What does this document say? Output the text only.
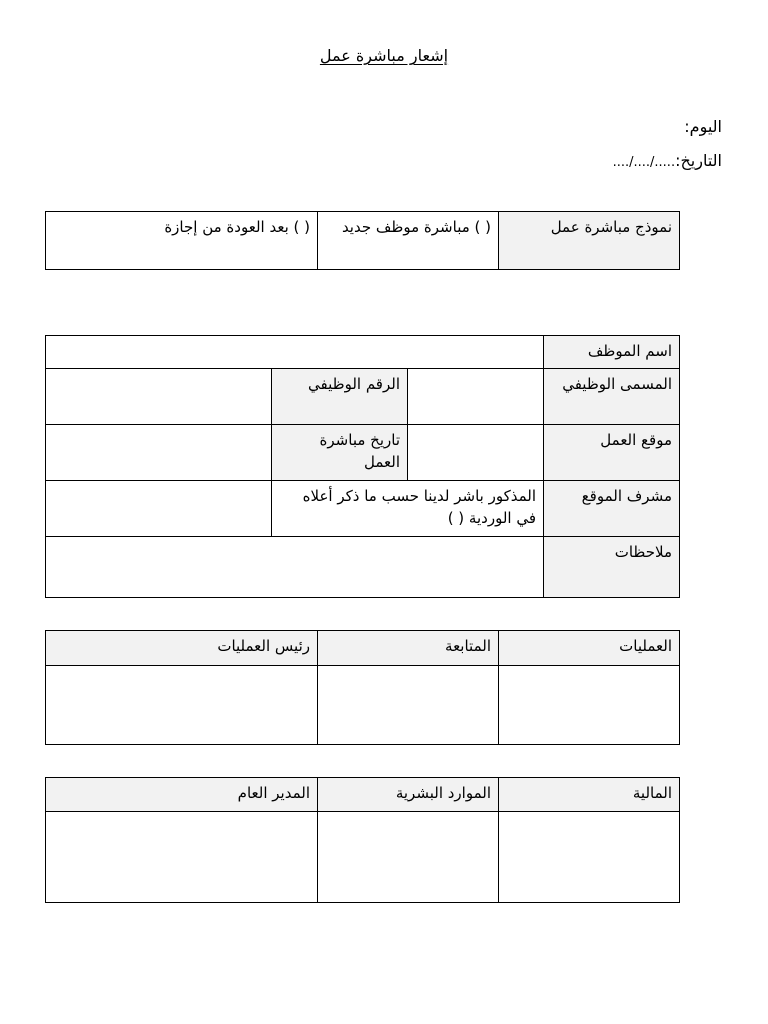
إشعار مباشرة عمل
اليوم:
التاريخ:..../..../.....
نموذج مباشرة عمل	( ) مباشرة موظف جديد	( ) بعد العودة من إجازة
اسم الموظف			
المسمى الوظيفي		الرقم الوظيفي	
موقع العمل		تاريخ مباشرة العمل	
مشرف الموقع	المذكور باشر لدينا حسب ما ذكر أعلاه في الوردية ( )		
ملاحظات			
العمليات	المتابعة	رئيس العمليات

المالية	الموارد البشرية	المدير العام
